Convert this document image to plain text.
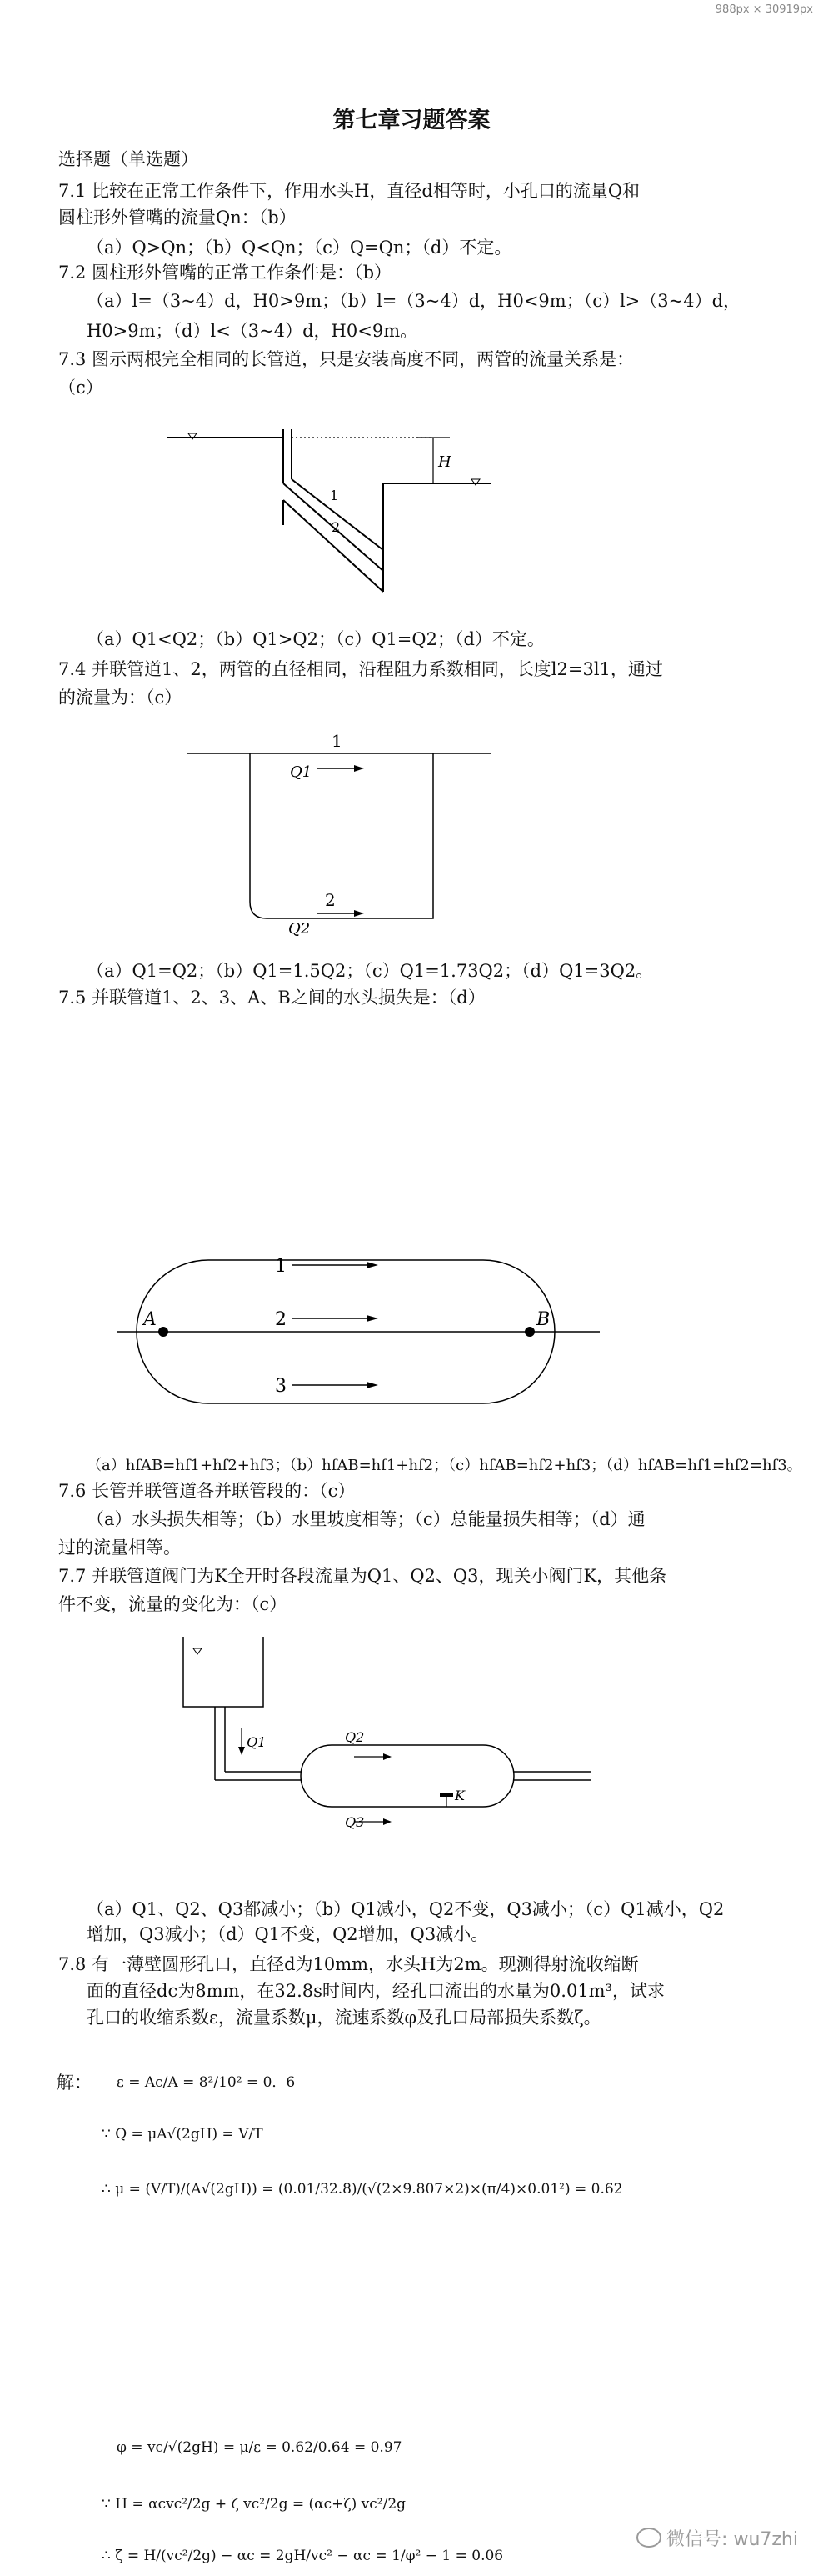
988px × 30919px
第七章习题答案
选择题（单选题）
7.1 比较在正常工作条件下，作用水头H，直径d相等时，小孔口的流量Q和
圆柱形外管嘴的流量Qn：（b）
（a）Q>Qn；（b）Q<Qn；（c）Q=Qn；（d）不定。
7.2 圆柱形外管嘴的正常工作条件是：（b）
（a）l=（3~4）d，H0>9m；（b）l=（3~4）d，H0<9m；（c）l>（3~4）d，
H0>9m；（d）l<（3~4）d，H0<9m。
7.3 图示两根完全相同的长管道，只是安装高度不同，两管的流量关系是：
（c）
H
1
2
（a）Q1<Q2；（b）Q1>Q2；（c）Q1=Q2；（d）不定。
7.4 并联管道1、2，两管的直径相同，沿程阻力系数相同，长度l2=3l1，通过
的流量为：（c）
1
Q1
2
Q2
（a）Q1=Q2；（b）Q1=1.5Q2；（c）Q1=1.73Q2；（d）Q1=3Q2。
7.5 并联管道1、2、3、A、B之间的水头损失是：（d）
A	B
1
2
3
（a）hfAB=hf1+hf2+hf3；（b）hfAB=hf1+hf2；（c）hfAB=hf2+hf3；（d）hfAB=hf1=hf2=hf3。
7.6 长管并联管道各并联管段的：（c）
（a）水头损失相等；（b）水里坡度相等；（c）总能量损失相等；（d）通
过的流量相等。
7.7 并联管道阀门为K全开时各段流量为Q1、Q2、Q3，现关小阀门K，其他条
件不变，流量的变化为：（c）
Q1	Q2
Q3
K
（a）Q1、Q2、Q3都减小；（b）Q1减小，Q2不变，Q3减小；（c）Q1减小，Q2
增加，Q3减小；（d）Q1不变，Q2增加，Q3减小。
7.8 有一薄壁圆形孔口，直径d为10mm，水头H为2m。现测得射流收缩断
面的直径dc为8mm，在32.8s时间内，经孔口流出的水量为0.01m³，试求
孔口的收缩系数ε，流量系数μ，流速系数φ及孔口局部损失系数ζ。
解： ε = Ac/A = 8²/10² = 0．6
∵ Q = μA√(2gH) = V/T
∴ μ = (V/T)/(A√(2gH)) = (0.01/32.8)/(√(2×9.807×2)×(π/4)×0.01²) = 0.62
φ = vc/√(2gH) = μ/ε = 0.62/0.64 = 0.97
∵ H = αcvc²/2g + ζ vc²/2g = (αc+ζ) vc²/2g
∴ ζ = H/(vc²/2g) − αc = 2gH/vc² − αc = 1/φ² − 1 = 0.06
微信号: wu7zhi
